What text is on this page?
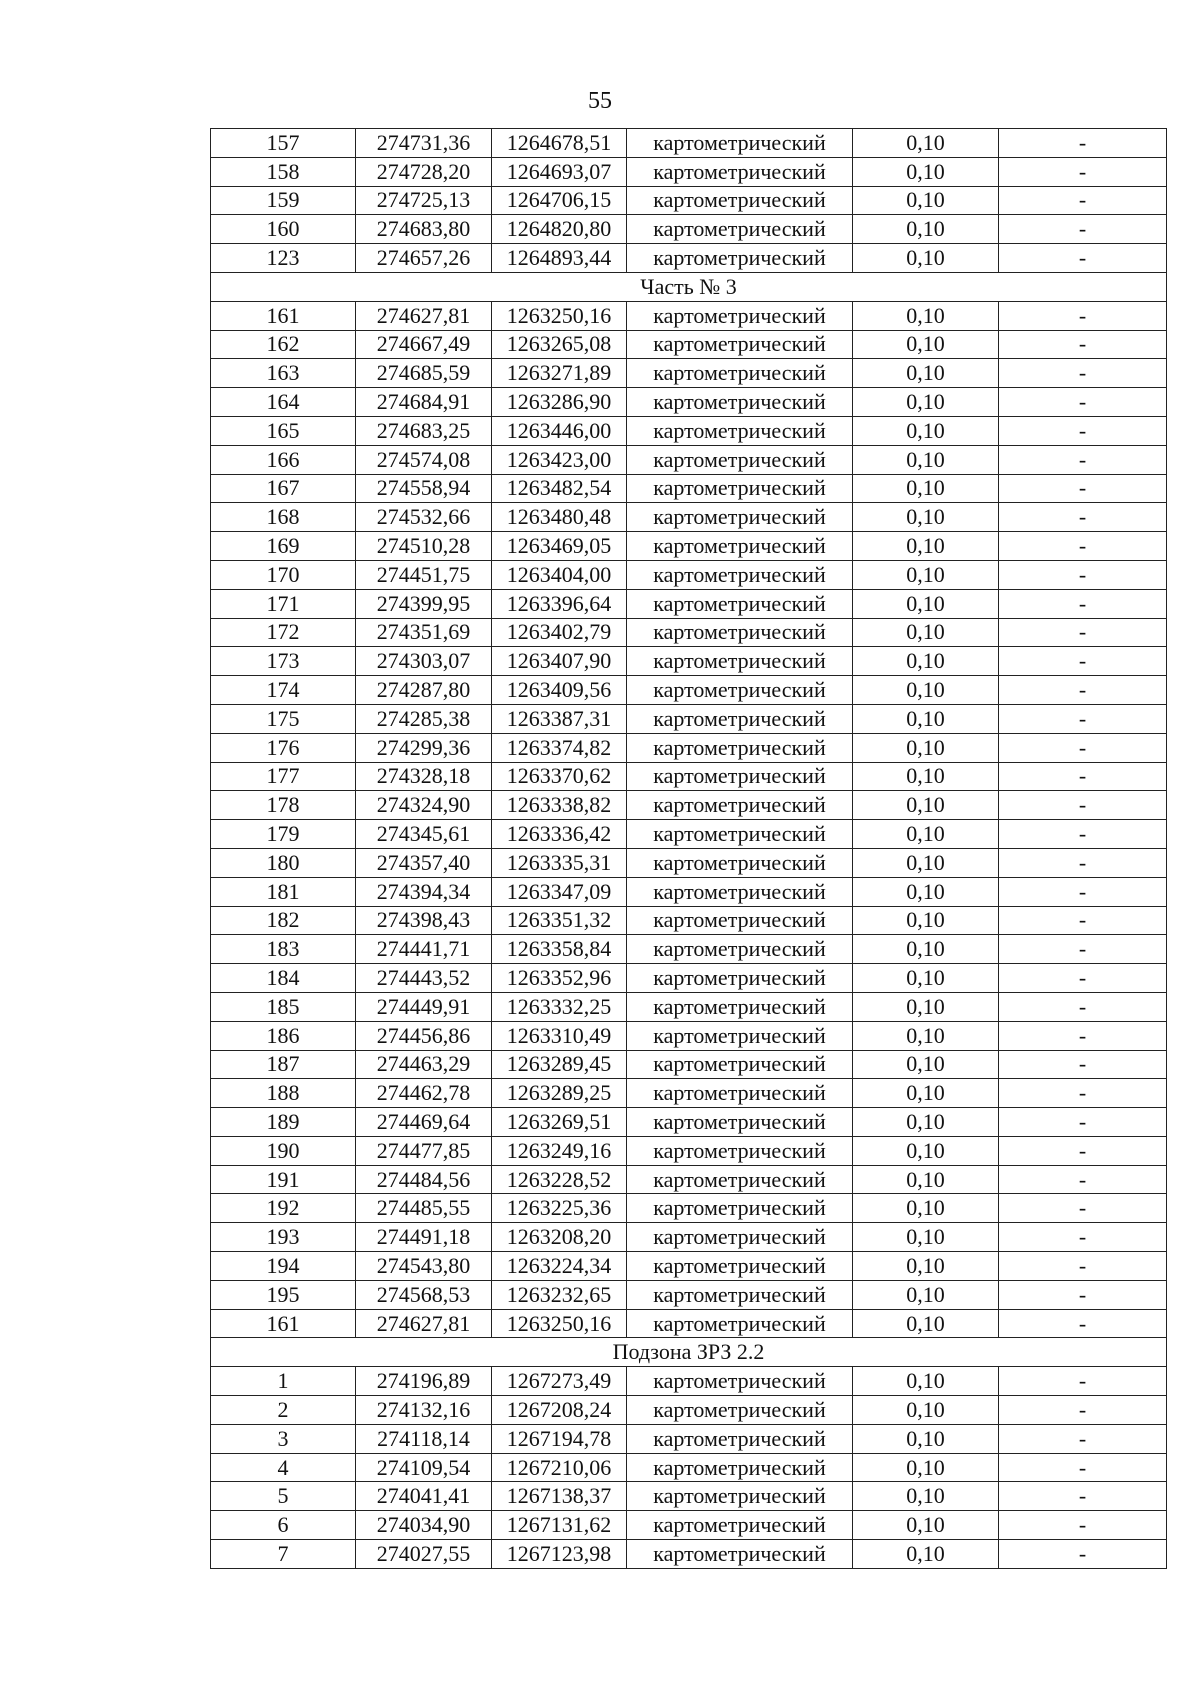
55
157	274731,36	1264678,51	картометрический	0,10	-
158	274728,20	1264693,07	картометрический	0,10	-
159	274725,13	1264706,15	картометрический	0,10	-
160	274683,80	1264820,80	картометрический	0,10	-
123	274657,26	1264893,44	картометрический	0,10	-
Часть № 3					
161	274627,81	1263250,16	картометрический	0,10	-
162	274667,49	1263265,08	картометрический	0,10	-
163	274685,59	1263271,89	картометрический	0,10	-
164	274684,91	1263286,90	картометрический	0,10	-
165	274683,25	1263446,00	картометрический	0,10	-
166	274574,08	1263423,00	картометрический	0,10	-
167	274558,94	1263482,54	картометрический	0,10	-
168	274532,66	1263480,48	картометрический	0,10	-
169	274510,28	1263469,05	картометрический	0,10	-
170	274451,75	1263404,00	картометрический	0,10	-
171	274399,95	1263396,64	картометрический	0,10	-
172	274351,69	1263402,79	картометрический	0,10	-
173	274303,07	1263407,90	картометрический	0,10	-
174	274287,80	1263409,56	картометрический	0,10	-
175	274285,38	1263387,31	картометрический	0,10	-
176	274299,36	1263374,82	картометрический	0,10	-
177	274328,18	1263370,62	картометрический	0,10	-
178	274324,90	1263338,82	картометрический	0,10	-
179	274345,61	1263336,42	картометрический	0,10	-
180	274357,40	1263335,31	картометрический	0,10	-
181	274394,34	1263347,09	картометрический	0,10	-
182	274398,43	1263351,32	картометрический	0,10	-
183	274441,71	1263358,84	картометрический	0,10	-
184	274443,52	1263352,96	картометрический	0,10	-
185	274449,91	1263332,25	картометрический	0,10	-
186	274456,86	1263310,49	картометрический	0,10	-
187	274463,29	1263289,45	картометрический	0,10	-
188	274462,78	1263289,25	картометрический	0,10	-
189	274469,64	1263269,51	картометрический	0,10	-
190	274477,85	1263249,16	картометрический	0,10	-
191	274484,56	1263228,52	картометрический	0,10	-
192	274485,55	1263225,36	картометрический	0,10	-
193	274491,18	1263208,20	картометрический	0,10	-
194	274543,80	1263224,34	картометрический	0,10	-
195	274568,53	1263232,65	картометрический	0,10	-
161	274627,81	1263250,16	картометрический	0,10	-
Подзона ЗРЗ 2.2					
1	274196,89	1267273,49	картометрический	0,10	-
2	274132,16	1267208,24	картометрический	0,10	-
3	274118,14	1267194,78	картометрический	0,10	-
4	274109,54	1267210,06	картометрический	0,10	-
5	274041,41	1267138,37	картометрический	0,10	-
6	274034,90	1267131,62	картометрический	0,10	-
7	274027,55	1267123,98	картометрический	0,10	-
